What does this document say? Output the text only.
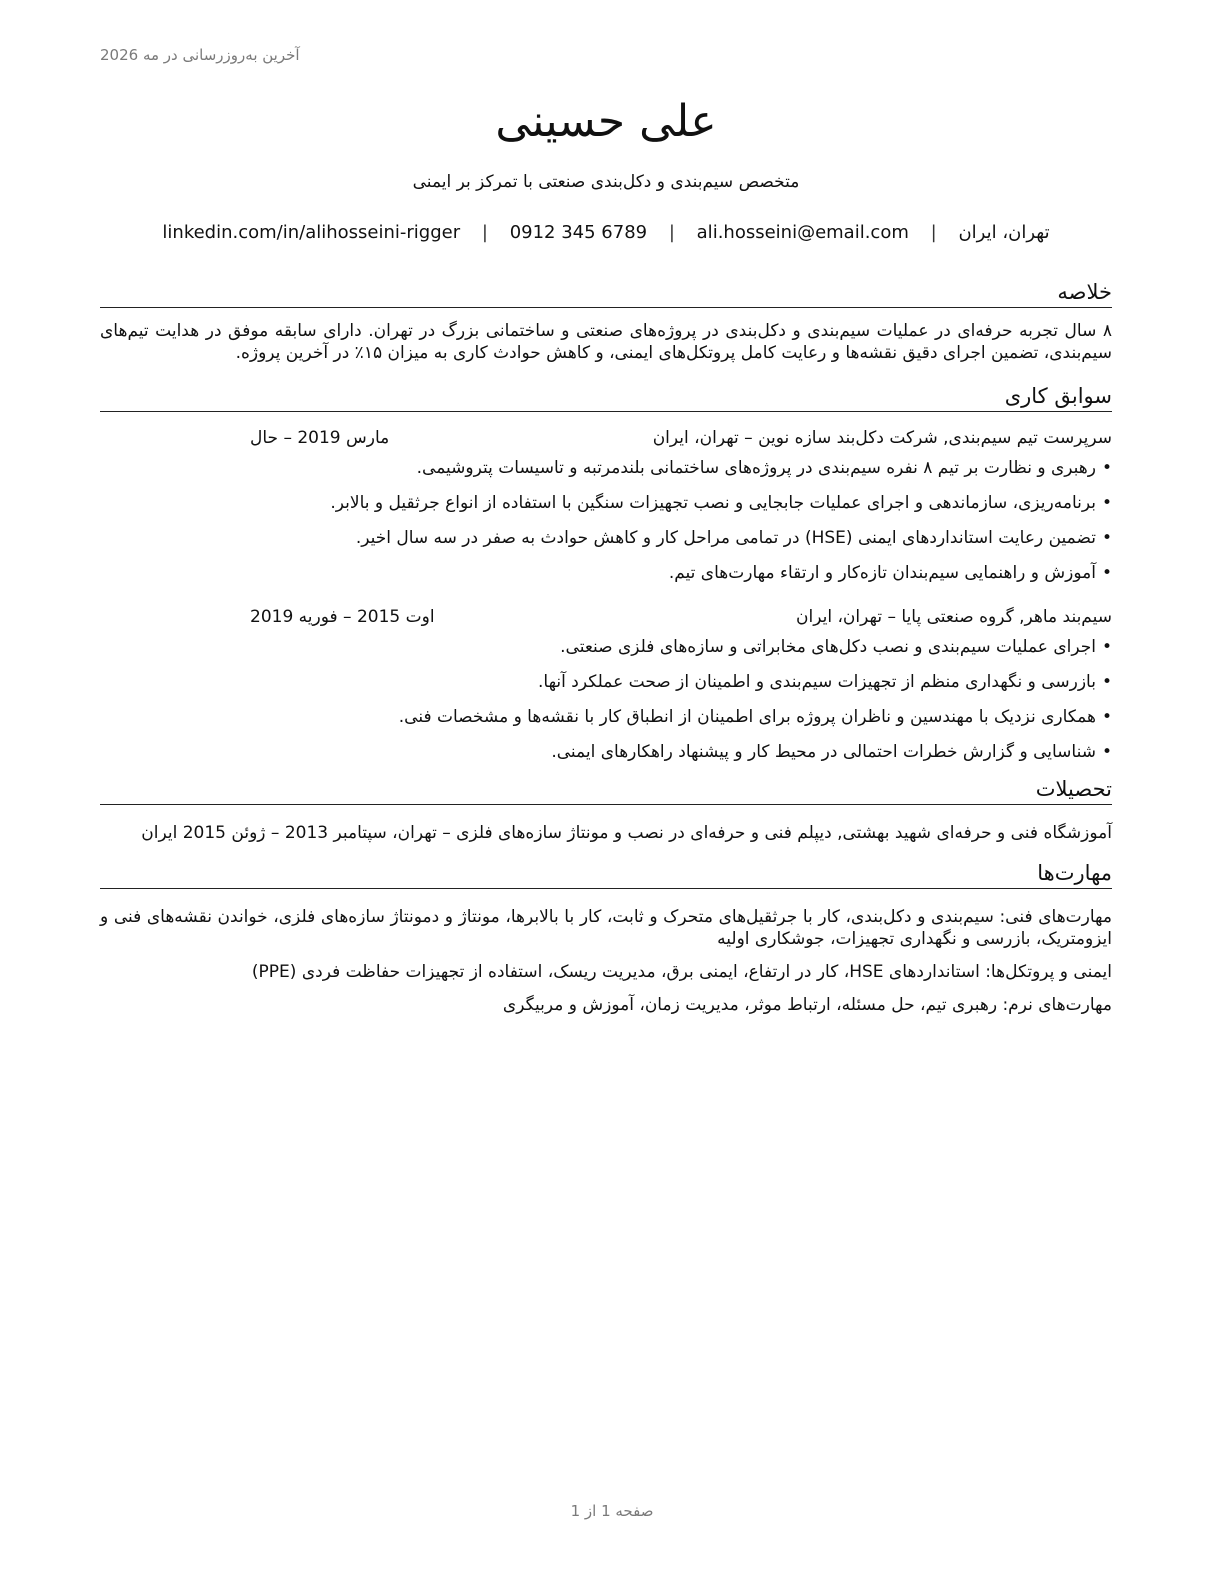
آخرین به‌روزرسانی در مه 2026
علی حسینی
متخصص سیم‌بندی و دکل‌بندی صنعتی با تمرکز بر ایمنی
تهران، ایران | ali.hosseini@email.com | 0912 345 6789 | linkedin.com/in/alihosseini-rigger
خلاصه
۸ سال تجربه حرفه‌ای در عملیات سیم‌بندی و دکل‌بندی در پروژه‌های صنعتی و ساختمانی بزرگ در تهران. دارای سابقه موفق در هدایت تیم‌های سیم‌بندی، تضمین اجرای دقیق نقشه‌ها و رعایت کامل پروتکل‌های ایمنی، و کاهش حوادث کاری به میزان ۱۵٪ در آخرین پروژه.
سوابق کاری
سرپرست تیم سیم‌بندی, شرکت دکل‌بند سازه نوین – تهران، ایران
مارس 2019 – حال
• رهبری و نظارت بر تیم ۸ نفره سیم‌بندی در پروژه‌های ساختمانی بلندمرتبه و تاسیسات پتروشیمی.
• برنامه‌ریزی، سازماندهی و اجرای عملیات جابجایی و نصب تجهیزات سنگین با استفاده از انواع جرثقیل و بالابر.
• تضمین رعایت استانداردهای ایمنی (HSE) در تمامی مراحل کار و کاهش حوادث به صفر در سه سال اخیر.
• آموزش و راهنمایی سیم‌بندان تازه‌کار و ارتقاء مهارت‌های تیم.
سیم‌بند ماهر, گروه صنعتی پایا – تهران، ایران
اوت 2015 – فوریه 2019
• اجرای عملیات سیم‌بندی و نصب دکل‌های مخابراتی و سازه‌های فلزی صنعتی.
• بازرسی و نگهداری منظم از تجهیزات سیم‌بندی و اطمینان از صحت عملکرد آنها.
• همکاری نزدیک با مهندسین و ناظران پروژه برای اطمینان از انطباق کار با نقشه‌ها و مشخصات فنی.
• شناسایی و گزارش خطرات احتمالی در محیط کار و پیشنهاد راهکارهای ایمنی.
تحصیلات
آموزشگاه فنی و حرفه‌ای شهید بهشتی, دیپلم فنی و حرفه‌ای در نصب و مونتاژ سازه‌های فلزی – تهران، سپتامبر 2013 – ژوئن 2015 ایران
مهارت‌ها
مهارت‌های فنی: سیم‌بندی و دکل‌بندی، کار با جرثقیل‌های متحرک و ثابت، کار با بالابرها، مونتاژ و دمونتاژ سازه‌های فلزی، خواندن نقشه‌های فنی و ایزومتریک، بازرسی و نگهداری تجهیزات، جوشکاری اولیه
ایمنی و پروتکل‌ها: استانداردهای HSE، کار در ارتفاع، ایمنی برق، مدیریت ریسک، استفاده از تجهیزات حفاظت فردی (PPE)
مهارت‌های نرم: رهبری تیم، حل مسئله، ارتباط موثر، مدیریت زمان، آموزش و مربیگری
صفحه 1 از 1
